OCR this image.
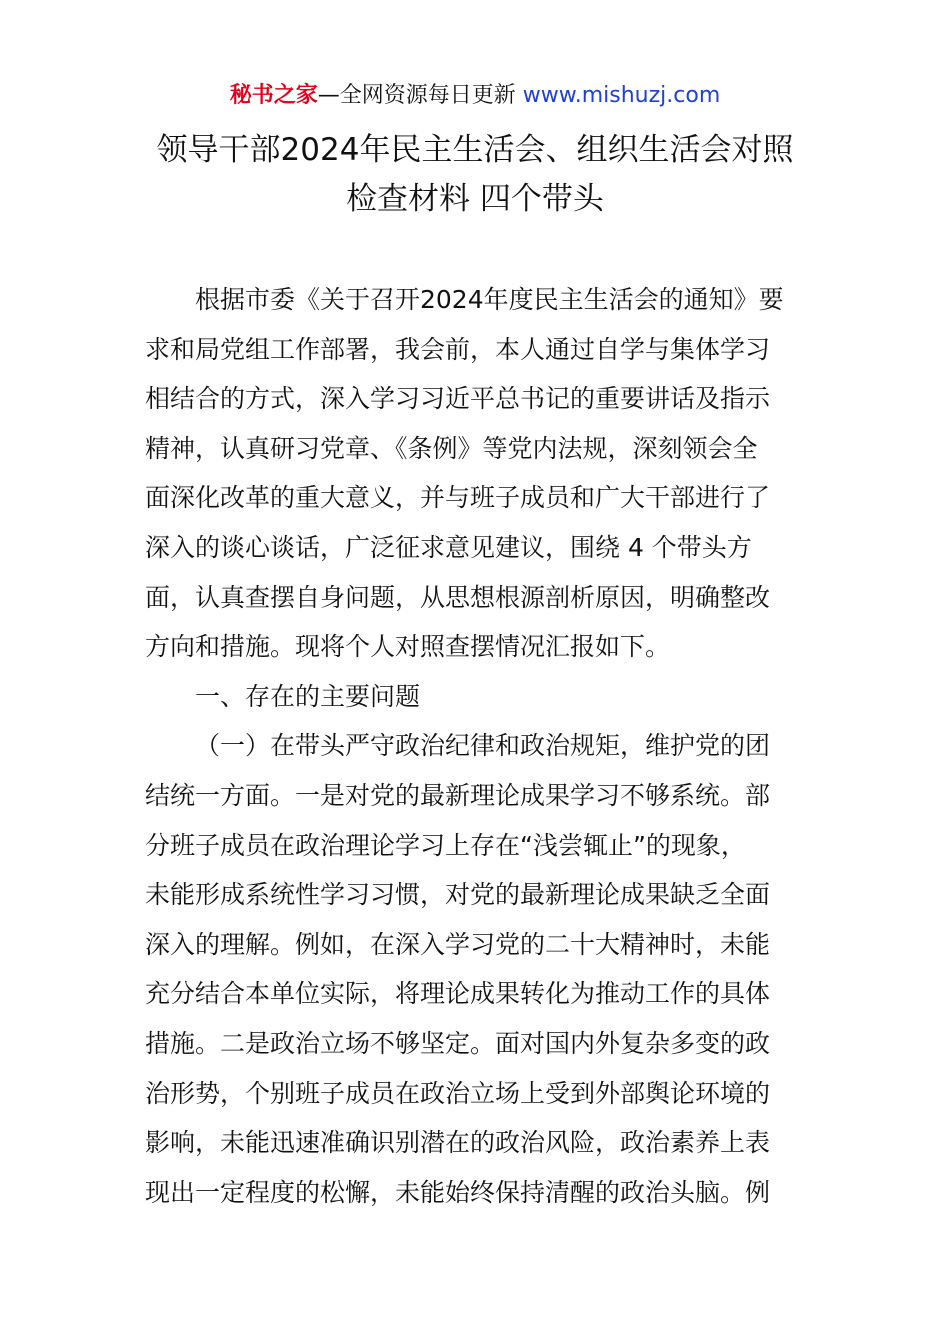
秘书之家—全网资源每日更新 www.mishuzj.com
领导干部2024年民主生活会、组织生活会对照
检查材料 四个带头
根据市委《关于召开2024年度民主生活会的通知》要
求和局党组工作部署，我会前，本人通过自学与集体学习
相结合的方式，深入学习习近平总书记的重要讲话及指示
精神，认真研习党章、《条例》等党内法规，深刻领会全
面深化改革的重大意义，并与班子成员和广大干部进行了
深入的谈心谈话，广泛征求意见建议，围绕 4 个带头方
面，认真查摆自身问题，从思想根源剖析原因，明确整改
方向和措施。现将个人对照查摆情况汇报如下。
一、存在的主要问题
（一）在带头严守政治纪律和政治规矩，维护党的团
结统一方面。一是对党的最新理论成果学习不够系统。部
分班子成员在政治理论学习上存在“浅尝辄止”的现象，
未能形成系统性学习习惯，对党的最新理论成果缺乏全面
深入的理解。例如，在深入学习党的二十大精神时，未能
充分结合本单位实际，将理论成果转化为推动工作的具体
措施。二是政治立场不够坚定。面对国内外复杂多变的政
治形势，个别班子成员在政治立场上受到外部舆论环境的
影响，未能迅速准确识别潜在的政治风险，政治素养上表
现出一定程度的松懈，未能始终保持清醒的政治头脑。例
